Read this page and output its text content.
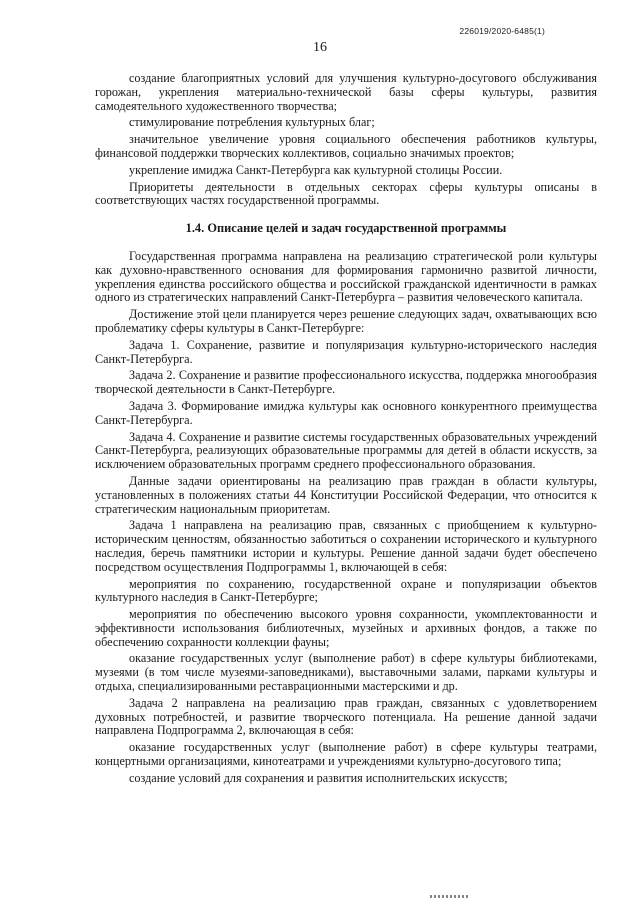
226019/2020-6485(1)
16

создание благоприятных условий для улучшения культурно-досугового обслуживания горожан, укрепления материально-технической базы сферы культуры, развития самодеятельного художественного творчества;

стимулирование потребления культурных благ;

значительное увеличение уровня социального обеспечения работников культуры, финансовой поддержки творческих коллективов, социально значимых проектов;

укрепление имиджа Санкт-Петербурга как культурной столицы России.

Приоритеты деятельности в отдельных секторах сферы культуры описаны в соответствующих частях государственной программы.

1.4. Описание целей и задач государственной программы

Государственная программа направлена на реализацию стратегической роли культуры как духовно-нравственного основания для формирования гармонично развитой личности, укрепления единства российского общества и российской гражданской идентичности в рамках одного из стратегических направлений Санкт-Петербурга – развития человеческого капитала.

Достижение этой цели планируется через решение следующих задач, охватывающих всю проблематику сферы культуры в Санкт-Петербурге:

Задача 1. Сохранение, развитие и популяризация культурно-исторического наследия Санкт-Петербурга.

Задача 2. Сохранение и развитие профессионального искусства, поддержка многообразия творческой деятельности в Санкт-Петербурге.

Задача 3. Формирование имиджа культуры как основного конкурентного преимущества Санкт-Петербурга.

Задача 4. Сохранение и развитие системы государственных образовательных учреждений Санкт-Петербурга, реализующих образовательные программы для детей в области искусств, за исключением образовательных программ среднего профессионального образования.

Данные задачи ориентированы на реализацию прав граждан в области культуры, установленных в положениях статьи 44 Конституции Российской Федерации, что относится к стратегическим национальным приоритетам.

Задача 1 направлена на реализацию прав, связанных с приобщением к культурно-историческим ценностям, обязанностью заботиться о сохранении исторического и культурного наследия, беречь памятники истории и культуры. Решение данной задачи будет обеспечено посредством осуществления Подпрограммы 1, включающей в себя:

мероприятия по сохранению, государственной охране и популяризации объектов культурного наследия в Санкт-Петербурге;

мероприятия по обеспечению высокого уровня сохранности, укомплектованности и эффективности использования библиотечных, музейных и архивных фондов, а также по обеспечению сохранности коллекции фауны;

оказание государственных услуг (выполнение работ) в сфере культуры библиотеками, музеями (в том числе музеями-заповедниками), выставочными залами, парками культуры и отдыха, специализированными реставрационными мастерскими и др.

Задача 2 направлена на реализацию прав граждан, связанных с удовлетворением духовных потребностей, и развитие творческого потенциала. На решение данной задачи направлена Подпрограмма 2, включающая в себя:

оказание государственных услуг (выполнение работ) в сфере культуры театрами, концертными организациями, кинотеатрами и учреждениями культурно-досугового типа;

создание условий для сохранения и развития исполнительских искусств;
